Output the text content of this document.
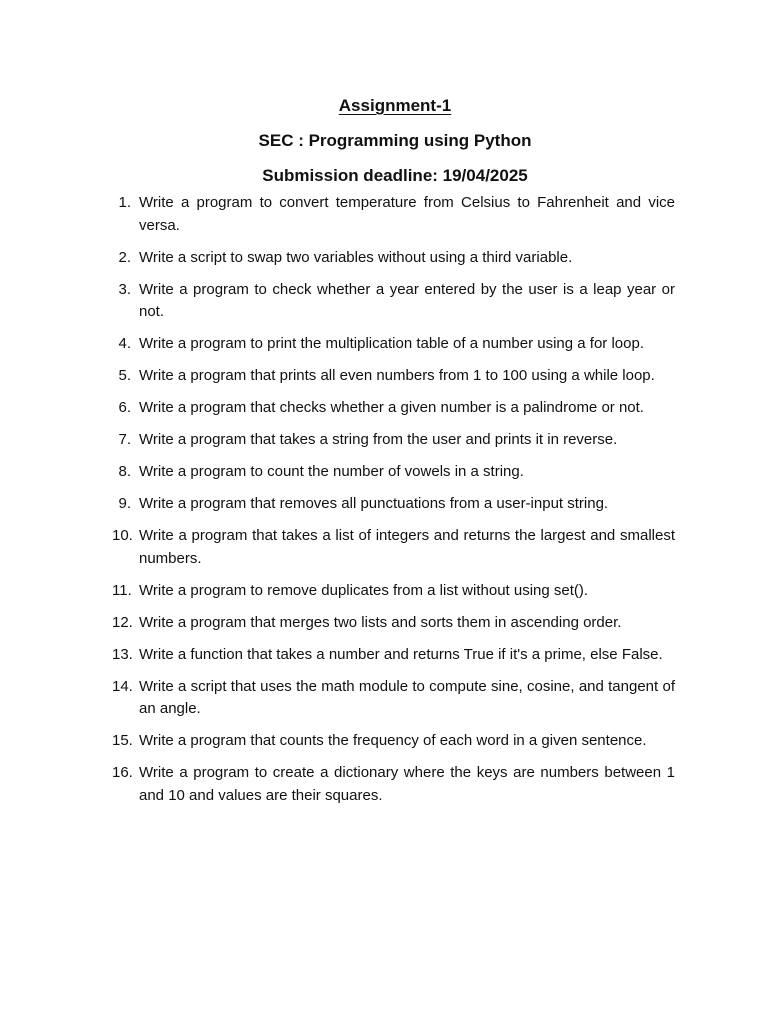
Assignment-1
SEC : Programming using Python
Submission deadline: 19/04/2025
1. Write a program to convert temperature from Celsius to Fahrenheit and vice versa.
2. Write a script to swap two variables without using a third variable.
3. Write a program to check whether a year entered by the user is a leap year or not.
4. Write a program to print the multiplication table of a number using a for loop.
5. Write a program that prints all even numbers from 1 to 100 using a while loop.
6. Write a program that checks whether a given number is a palindrome or not.
7. Write a program that takes a string from the user and prints it in reverse.
8. Write a program to count the number of vowels in a string.
9. Write a program that removes all punctuations from a user-input string.
10. Write a program that takes a list of integers and returns the largest and smallest numbers.
11. Write a program to remove duplicates from a list without using set().
12. Write a program that merges two lists and sorts them in ascending order.
13. Write a function that takes a number and returns True if it's a prime, else False.
14. Write a script that uses the math module to compute sine, cosine, and tangent of an angle.
15. Write a program that counts the frequency of each word in a given sentence.
16. Write a program to create a dictionary where the keys are numbers between 1 and 10 and values are their squares.
